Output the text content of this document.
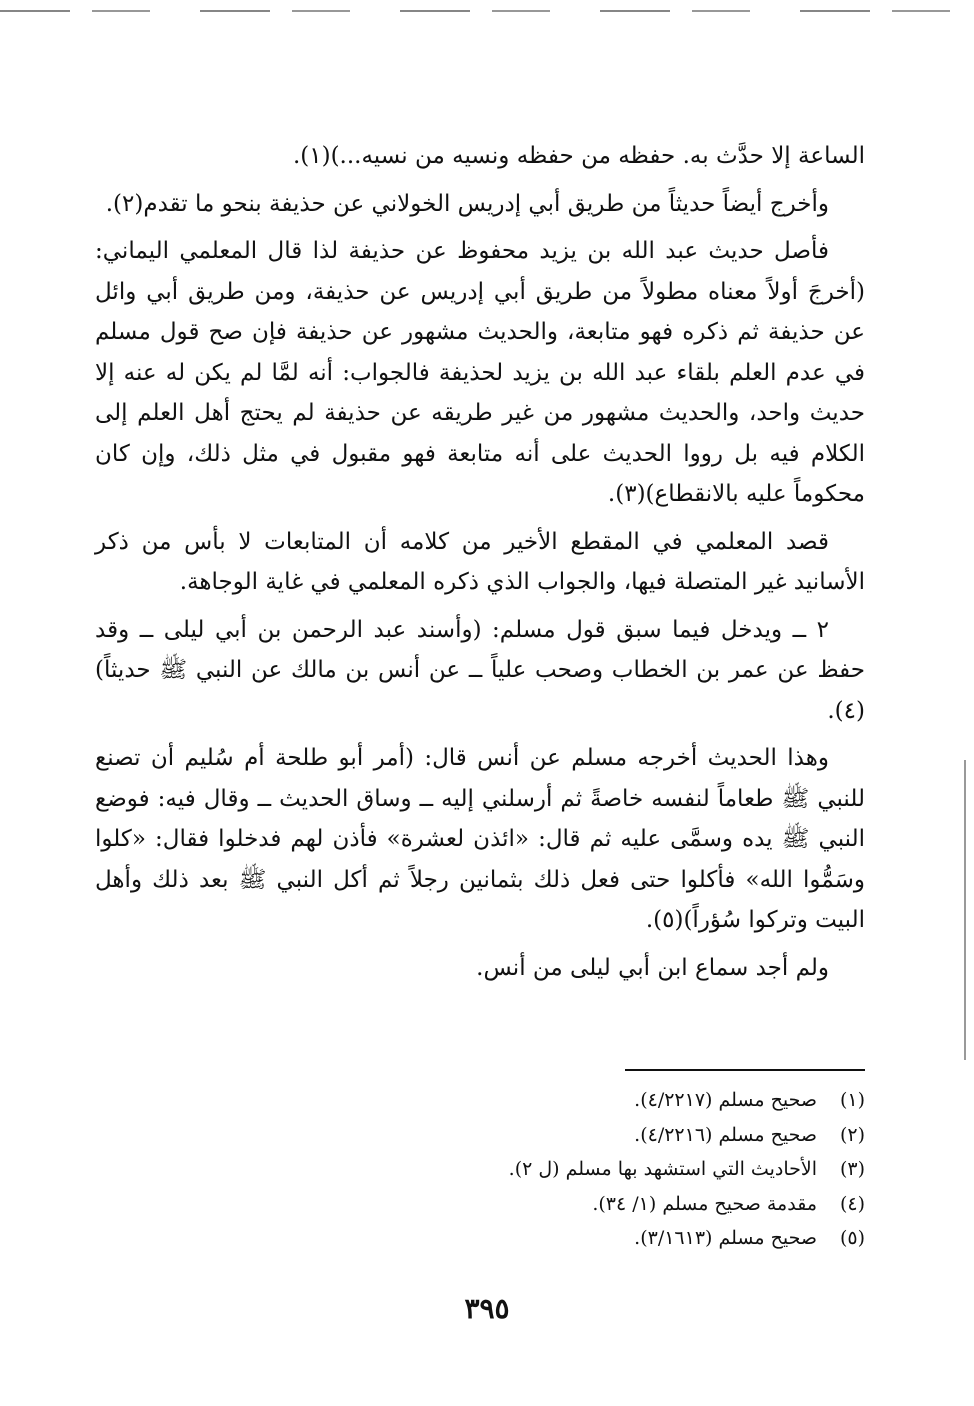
الساعة إلا حدَّث به. حفظه من حفظه ونسيه من نسيه...)(١).

وأخرج أيضاً حديثاً من طريق أبي إدريس الخولاني عن حذيفة بنحو ما تقدم(٢).

فأصل حديث عبد الله بن يزيد محفوظ عن حذيفة لذا قال المعلمي اليماني: (أخرجَ أولاً معناه مطولاً من طريق أبي إدريس عن حذيفة، ومن طريق أبي وائل عن حذيفة ثم ذكره فهو متابعة، والحديث مشهور عن حذيفة فإن صح قول مسلم في عدم العلم بلقاء عبد الله بن يزيد لحذيفة فالجواب: أنه لمَّا لم يكن له عنه إلا حديث واحد، والحديث مشهور من غير طريقه عن حذيفة لم يحتج أهل العلم إلى الكلام فيه بل رووا الحديث على أنه متابعة فهو مقبول في مثل ذلك، وإن كان محكوماً عليه بالانقطاع)(٣).

قصد المعلمي في المقطع الأخير من كلامه أن المتابعات لا بأس من ذكر الأسانيد غير المتصلة فيها، والجواب الذي ذكره المعلمي في غاية الوجاهة.

٢ ــ ويدخل فيما سبق قول مسلم: (وأسند عبد الرحمن بن أبي ليلى ــ وقد حفظ عن عمر بن الخطاب وصحب علياً ــ عن أنس بن مالك عن النبي ﷺ حديثاً)(٤).

وهذا الحديث أخرجه مسلم عن أنس قال: (أمر أبو طلحة أم سُليم أن تصنع للنبي ﷺ طعاماً لنفسه خاصةً ثم أرسلني إليه ــ وساق الحديث ــ وقال فيه: فوضع النبي ﷺ يده وسمَّى عليه ثم قال: «ائذن لعشرة» فأذن لهم فدخلوا فقال: «كلوا وسَمُّوا الله» فأكلوا حتى فعل ذلك بثمانين رجلاً ثم أكل النبي ﷺ بعد ذلك وأهل البيت وتركوا سُؤراً)(٥).

ولم أجد سماع ابن أبي ليلى من أنس.

(١)صحيح مسلم (٤/٢٢١٧).
(٢)صحيح مسلم (٤/٢٢١٦).
(٣)الأحاديث التي استشهد بها مسلم (ل ٢).
(٤)مقدمة صحيح مسلم (١/ ٣٤).
(٥)صحيح مسلم (٣/١٦١٣).
٣٩٥
